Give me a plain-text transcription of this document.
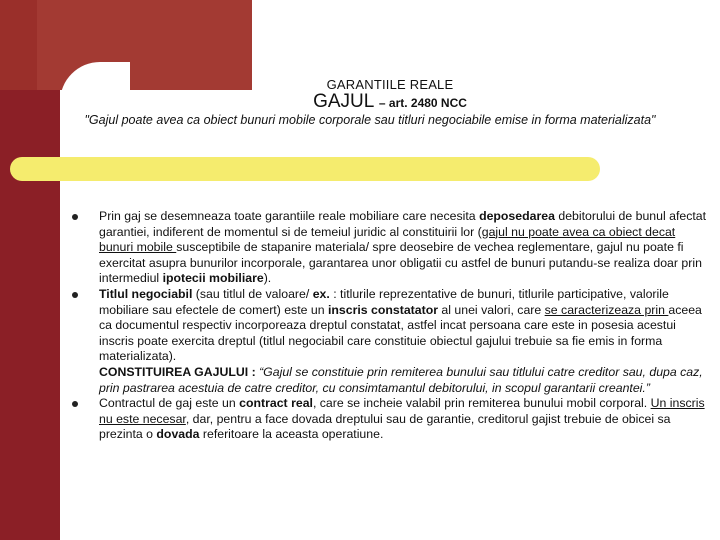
GARANTIILE REALE
GAJUL – art. 2480 NCC
"Gajul poate avea ca obiect bunuri mobile corporale sau titluri negociabile emise in forma materializata"
Prin gaj se desemneaza toate garantiile reale mobiliare care necesita deposedarea debitorului de bunul afectat garantiei, indiferent de momentul si de temeiul juridic al constituirii lor (gajul nu poate avea ca obiect decat bunuri mobile susceptibile de stapanire materiala/ spre deosebire de vechea reglementare, gajul nu poate fi exercitat asupra bunurilor incorporale, garantarea unor obligatii cu astfel de bunuri putandu-se realiza doar prin intermediul ipotecii mobiliare).
Titlul negociabil (sau titlul de valoare/ ex. : titlurile reprezentative de bunuri, titlurile participative, valorile mobiliare sau efectele de comert) este un inscris constatator al unei valori, care se caracterizeaza prin aceea ca documentul respectiv incorporeaza dreptul constatat, astfel incat persoana care este in posesia acestui inscris poate exercita dreptul (titlul negociabil care constituie obiectul gajului trebuie sa fie emis in forma materializata).
CONSTITUIREA GAJULUI : “Gajul se constituie prin remiterea bunului sau titlului catre creditor sau, dupa caz, prin pastrarea acestuia de catre creditor, cu consimtamantul debitorului, in scopul garantarii creantei.”
Contractul de gaj este un contract real, care se incheie valabil prin remiterea bunului mobil corporal. Un inscris nu este necesar, dar, pentru a face dovada dreptului sau de garantie, creditorul gajist trebuie de obicei sa prezinta o dovada referitoare la aceasta operatiune.
